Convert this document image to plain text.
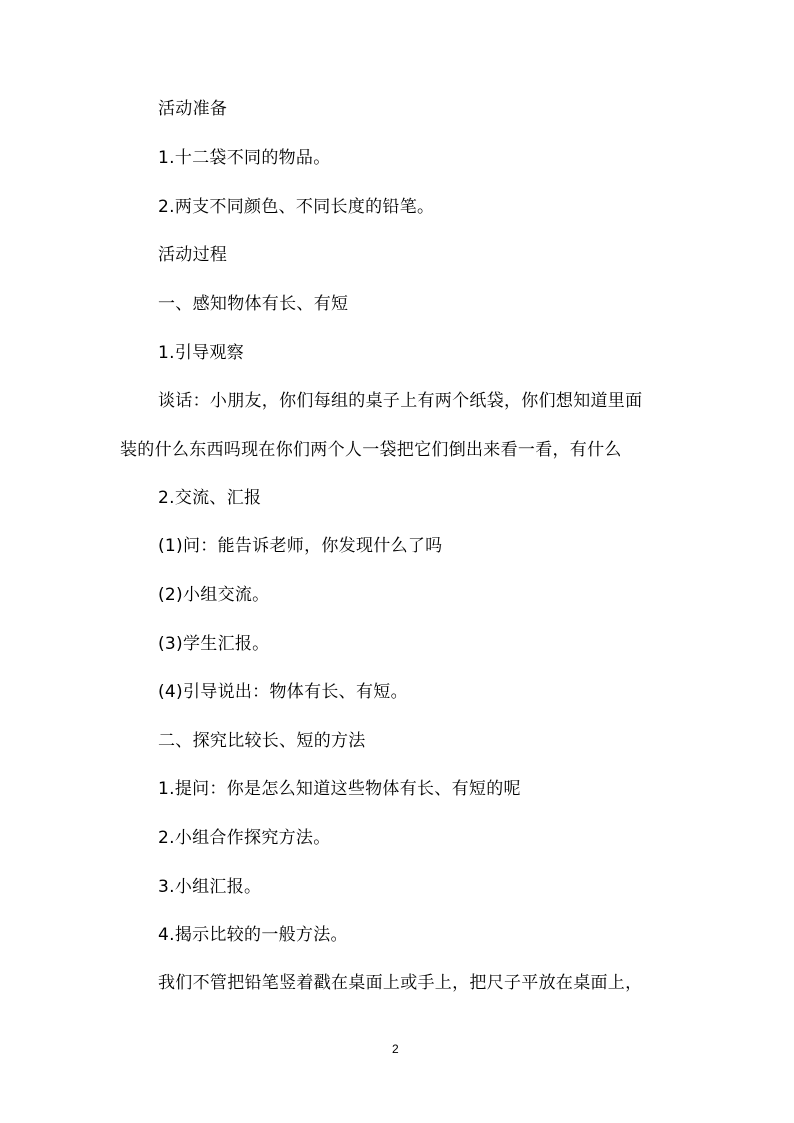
活动准备
1.十二袋不同的物品。
2.两支不同颜色、不同长度的铅笔。
活动过程
一、感知物体有长、有短
1.引导观察
谈话：小朋友，你们每组的桌子上有两个纸袋，你们想知道里面
装的什么东西吗现在你们两个人一袋把它们倒出来看一看，有什么
2.交流、汇报
(1)问：能告诉老师，你发现什么了吗
(2)小组交流。
(3)学生汇报。
(4)引导说出：物体有长、有短。
二、探究比较长、短的方法
1.提问：你是怎么知道这些物体有长、有短的呢
2.小组合作探究方法。
3.小组汇报。
4.揭示比较的一般方法。
我们不管把铅笔竖着戳在桌面上或手上，把尺子平放在桌面上，
2
